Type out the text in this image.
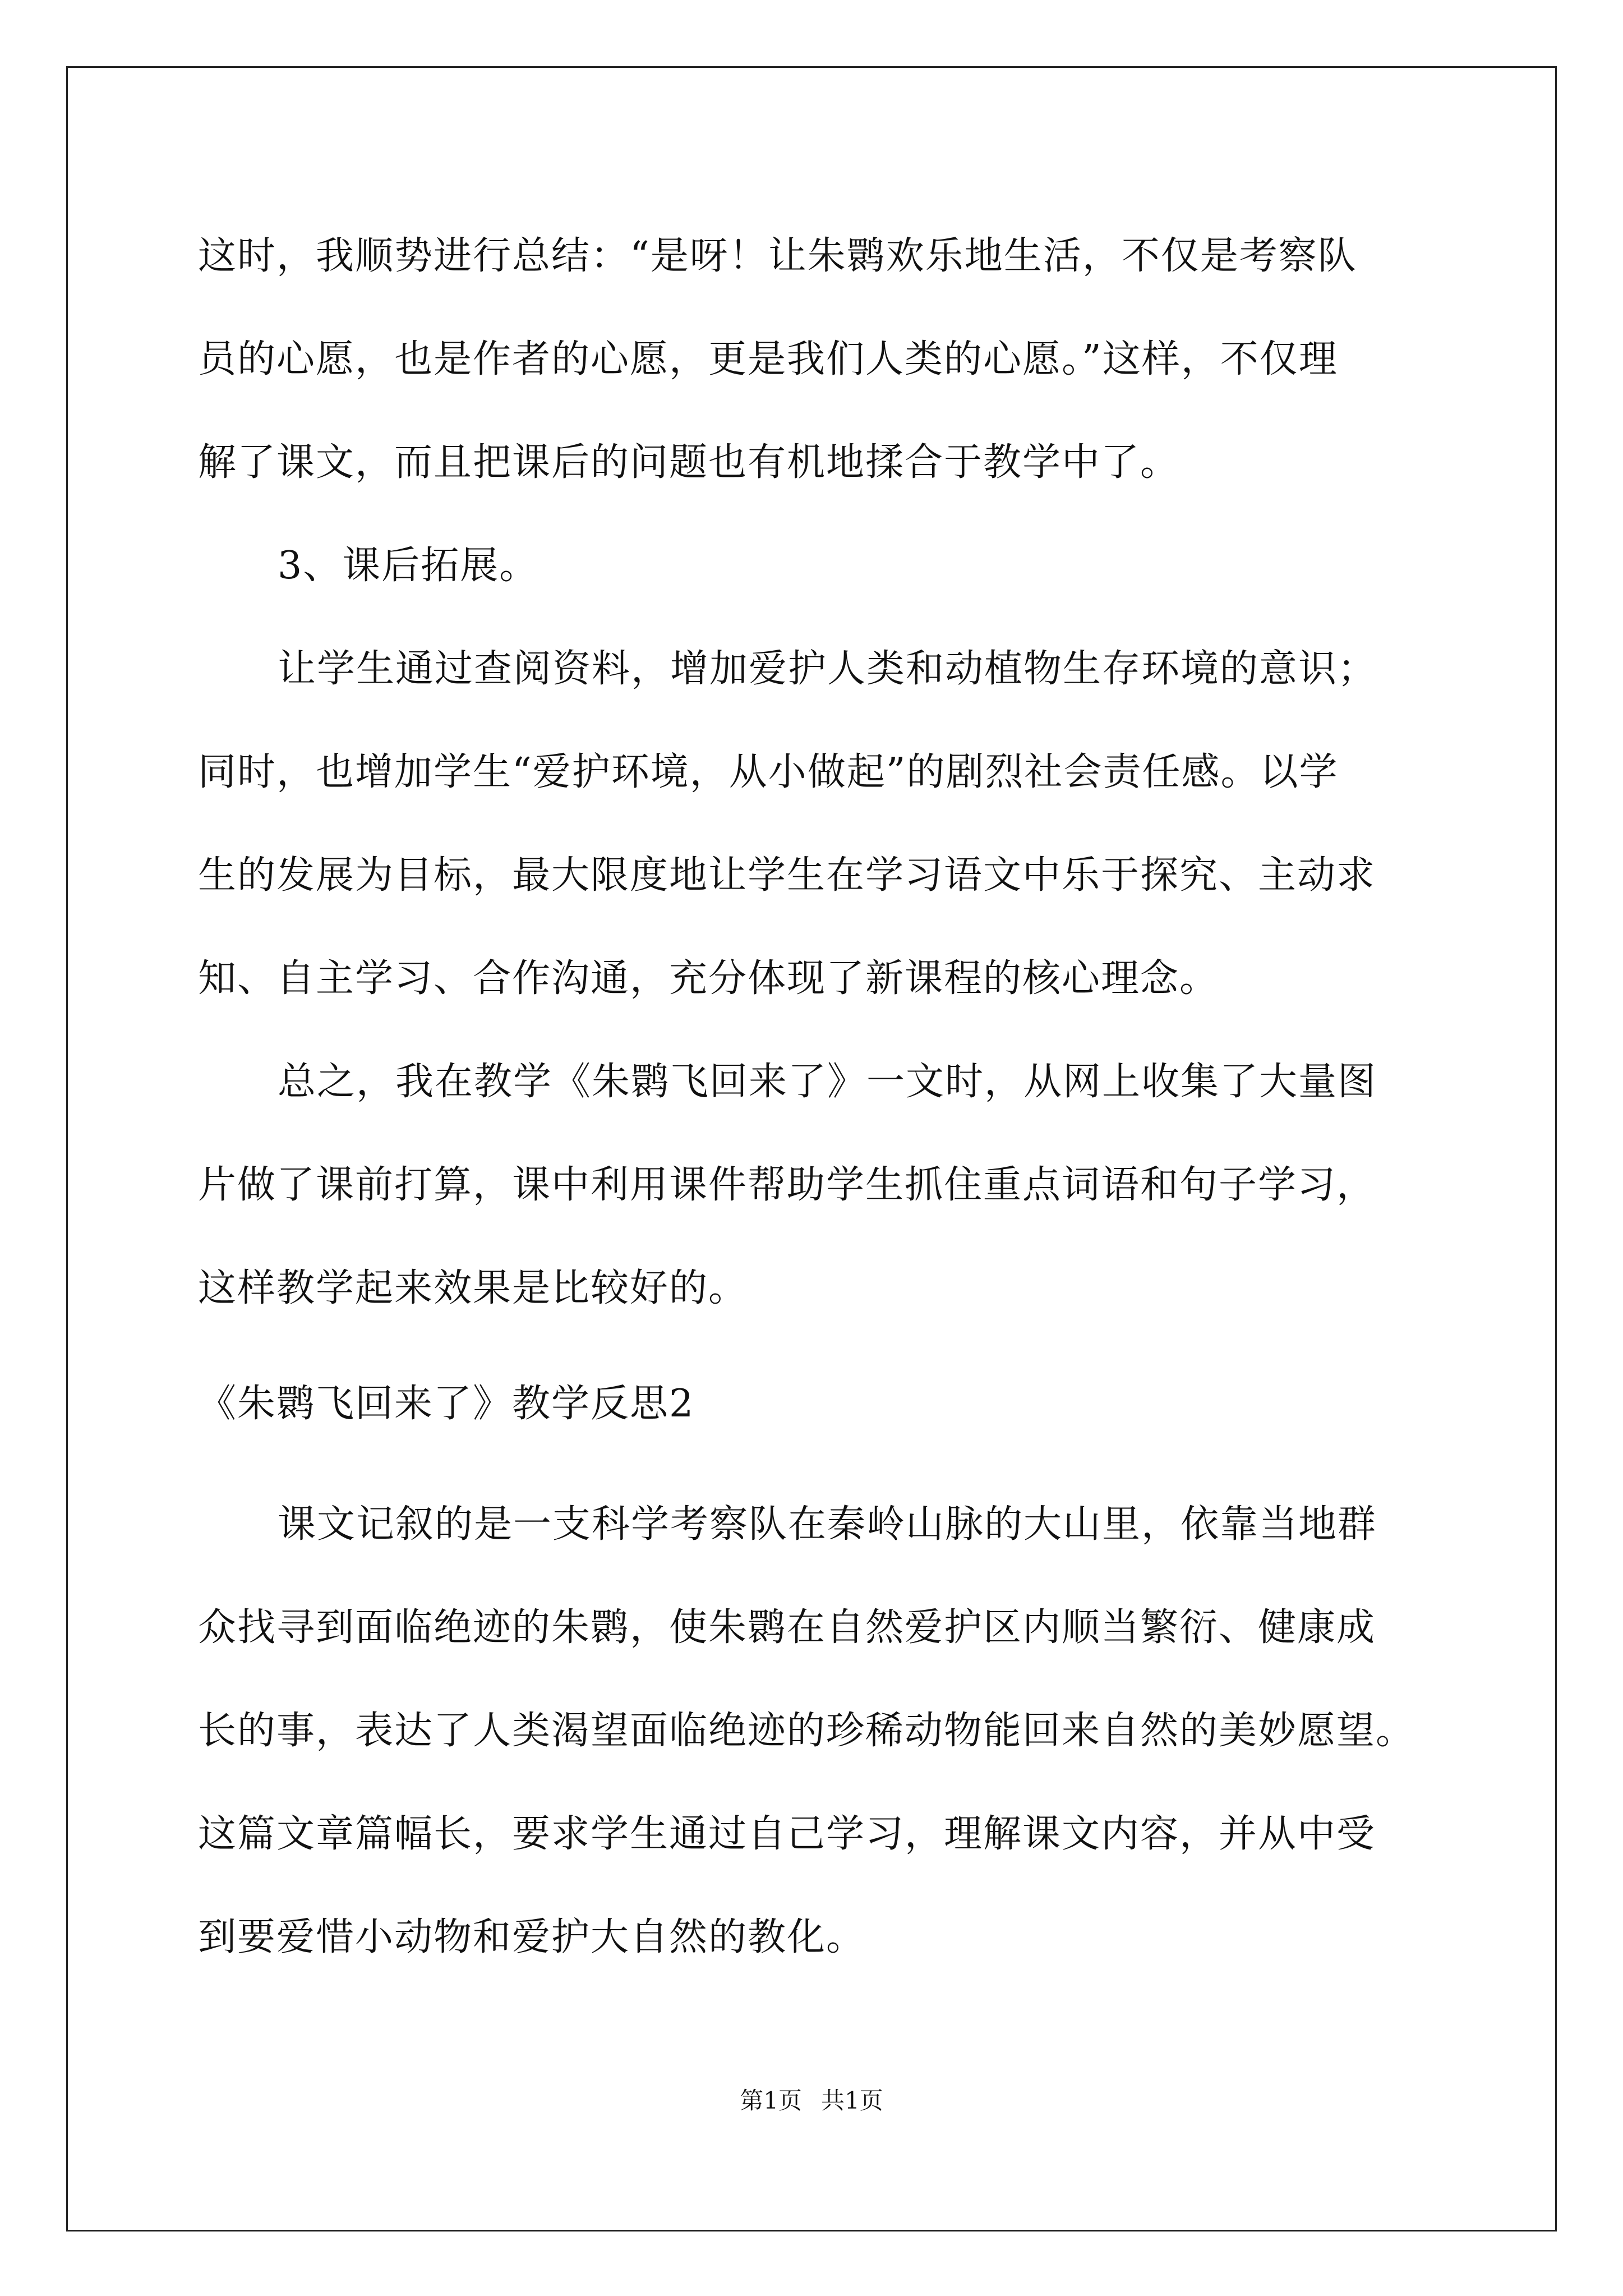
这时，我顺势进行总结：“是呀！让朱鹮欢乐地生活，不仅是考察队
员的心愿，也是作者的心愿，更是我们人类的心愿。”这样，不仅理
解了课文，而且把课后的问题也有机地揉合于教学中了。
3、课后拓展。
让学生通过查阅资料，增加爱护人类和动植物生存环境的意识；
同时，也增加学生“爱护环境，从小做起”的剧烈社会责任感。以学
生的发展为目标，最大限度地让学生在学习语文中乐于探究、主动求
知、自主学习、合作沟通，充分体现了新课程的核心理念。
总之，我在教学《朱鹮飞回来了》一文时，从网上收集了大量图
片做了课前打算，课中利用课件帮助学生抓住重点词语和句子学习，
这样教学起来效果是比较好的。
《朱鹮飞回来了》教学反思2
课文记叙的是一支科学考察队在秦岭山脉的大山里，依靠当地群
众找寻到面临绝迹的朱鹮，使朱鹮在自然爱护区内顺当繁衍、健康成
长的事，表达了人类渴望面临绝迹的珍稀动物能回来自然的美妙愿望。
这篇文章篇幅长，要求学生通过自己学习，理解课文内容，并从中受
到要爱惜小动物和爱护大自然的教化。
第1页 共1页
